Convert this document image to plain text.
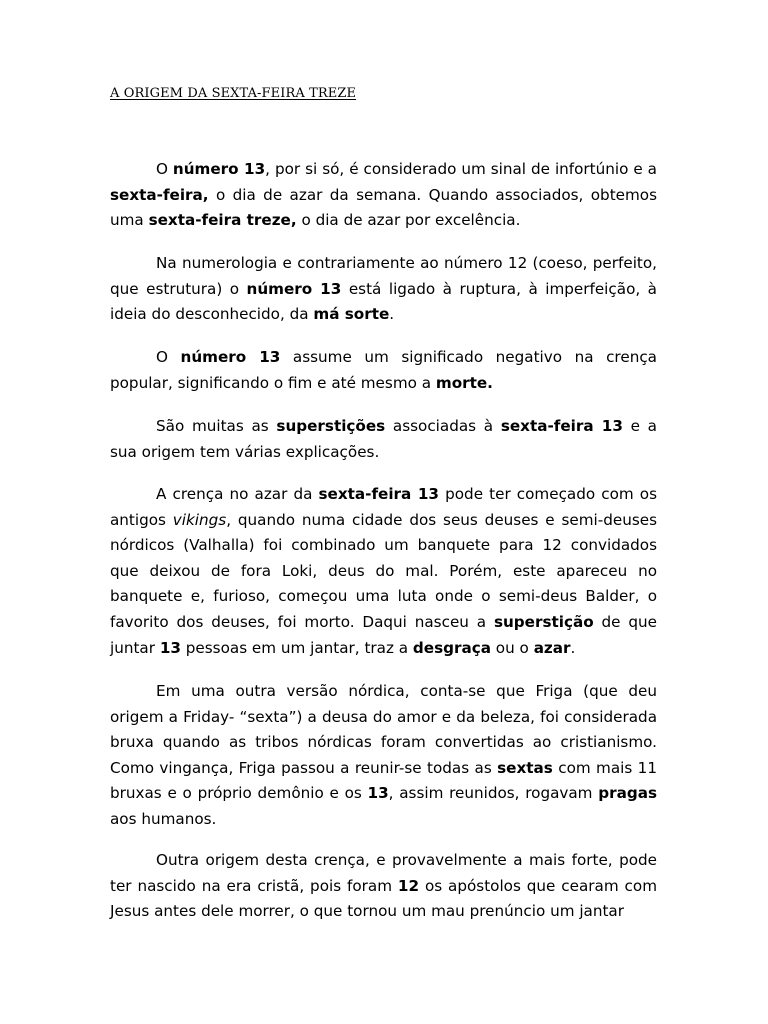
A ORIGEM DA SEXTA-FEIRA TREZE

O número 13, por si só, é considerado um sinal de infortúnio e a sexta-feira, o dia de azar da semana. Quando associados, obtemos uma sexta-feira treze, o dia de azar por excelência.

Na numerologia e contrariamente ao número 12 (coeso, perfeito, que estrutura) o número 13 está ligado à ruptura, à imperfeição, à ideia do desconhecido, da má sorte.

O número 13 assume um significado negativo na crença popular, significando o fim e até mesmo a morte.

São muitas as superstições associadas à sexta-feira 13 e a sua origem tem várias explicações.

A crença no azar da sexta-feira 13 pode ter começado com os antigos vikings, quando numa cidade dos seus deuses e semi-deuses nórdicos (Valhalla) foi combinado um banquete para 12 convidados que deixou de fora Loki, deus do mal. Porém, este apareceu no banquete e, furioso, começou uma luta onde o semi-deus Balder, o favorito dos deuses, foi morto. Daqui nasceu a superstição de que juntar 13 pessoas em um jantar, traz a desgraça ou o azar.

Em uma outra versão nórdica, conta-se que Friga (que deu origem a Friday- “sexta”) a deusa do amor e da beleza, foi considerada bruxa quando as tribos nórdicas foram convertidas ao cristianismo. Como vingança, Friga passou a reunir-se todas as sextas com mais 11 bruxas e o próprio demônio e os 13, assim reunidos, rogavam pragas aos humanos.

Outra origem desta crença, e provavelmente a mais forte, pode ter nascido na era cristã, pois foram 12 os apóstolos que cearam com Jesus antes dele morrer, o que tornou um mau prenúncio um jantar
